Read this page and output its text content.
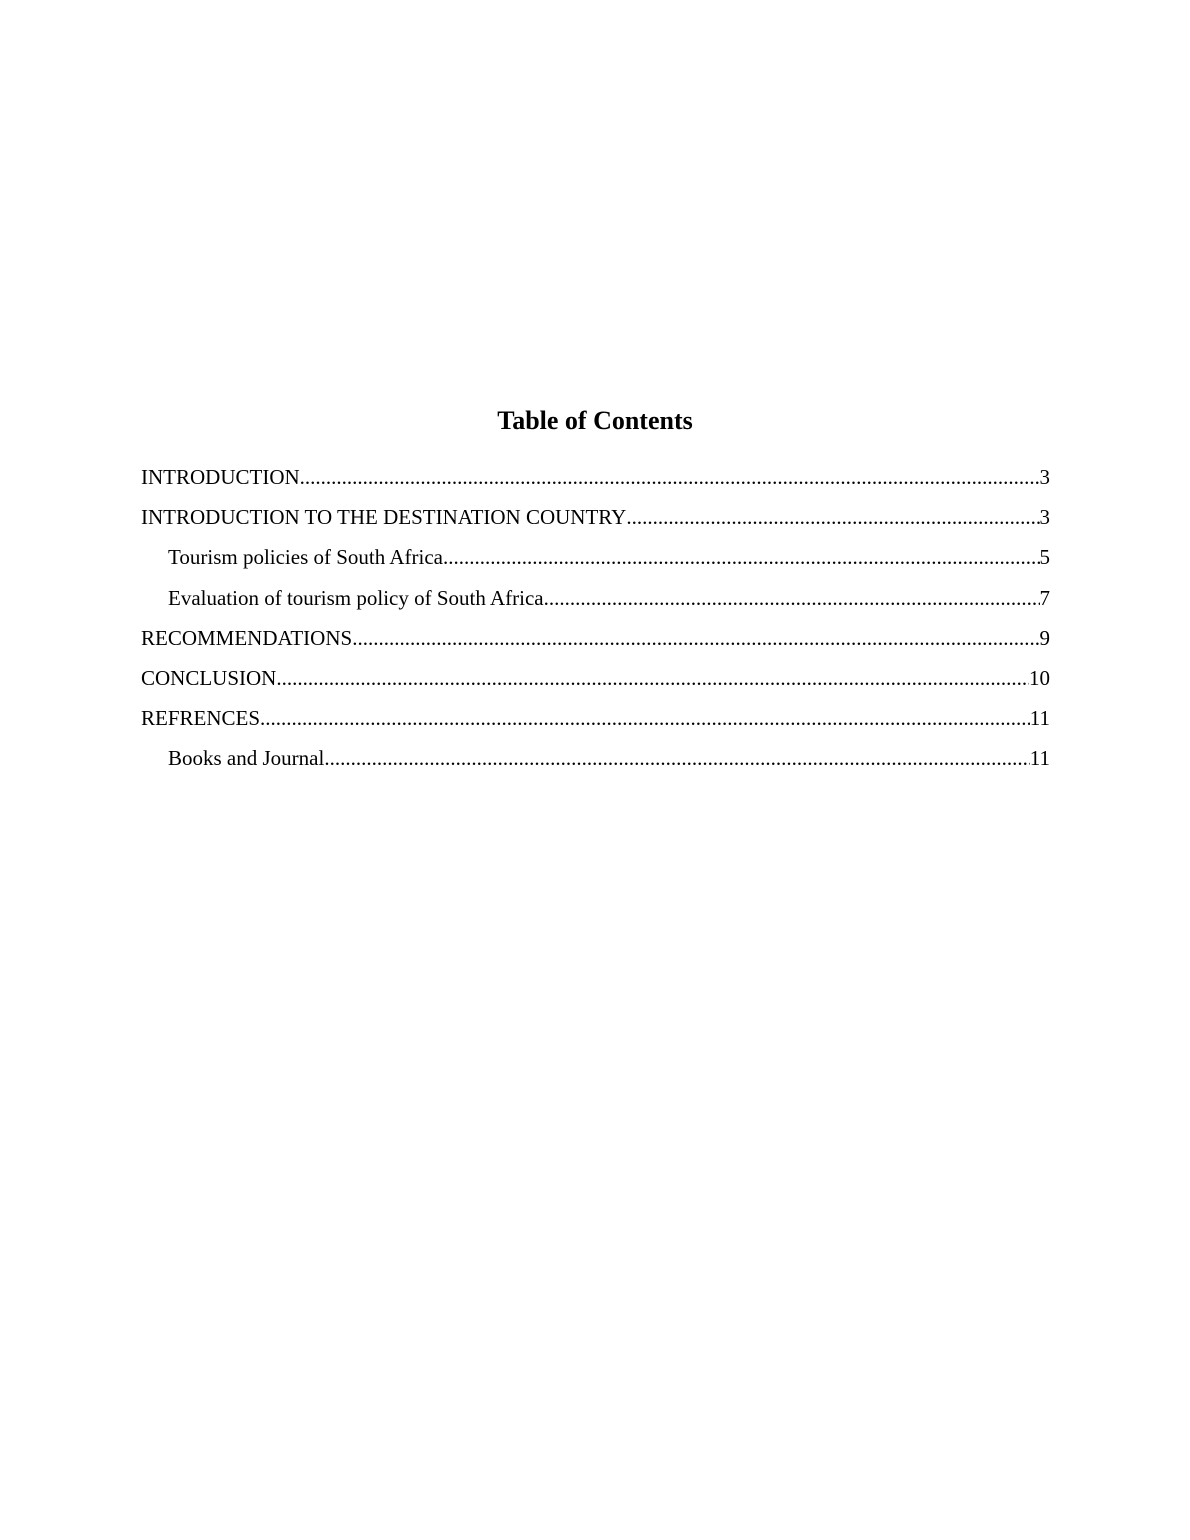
Table of Contents
INTRODUCTION .....	3
INTRODUCTION TO THE DESTINATION COUNTRY .....	3
Tourism policies of South Africa .....	5
Evaluation of tourism policy of South Africa .....	7
RECOMMENDATIONS .....	9
CONCLUSION .....	10
REFRENCES .....	11
Books and Journal .....	11
